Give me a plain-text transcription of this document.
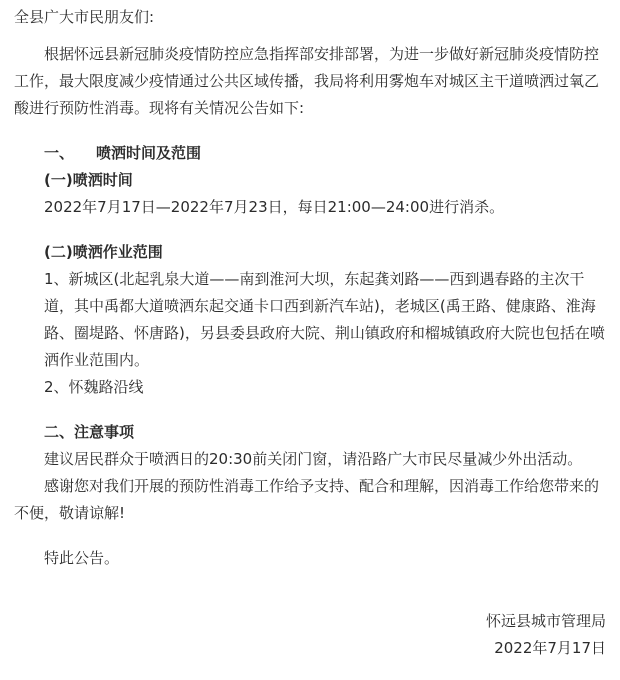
全县广大市民朋友们:

根据怀远县新冠肺炎疫情防控应急指挥部安排部署，为进一步做好新冠肺炎疫情防控工作，最大限度减少疫情通过公共区域传播，我局将利用雾炮车对城区主干道喷洒过氧乙酸进行预防性消毒。现将有关情况公告如下:

一、 喷洒时间及范围

(一)喷洒时间

2022年7月17日—2022年7月23日，每日21:00—24:00进行消杀。

(二)喷洒作业范围

1、新城区(北起乳泉大道——南到淮河大坝，东起龚刘路——西到遇春路的主次干道，其中禹都大道喷洒东起交通卡口西到新汽车站)，老城区(禹王路、健康路、淮海路、圈堤路、怀唐路)，另县委县政府大院、荆山镇政府和榴城镇政府大院也包括在喷洒作业范围内。

2、怀魏路沿线

二、注意事项

建议居民群众于喷洒日的20:30前关闭门窗，请沿路广大市民尽量减少外出活动。

感谢您对我们开展的预防性消毒工作给予支持、配合和理解，因消毒工作给您带来的不便，敬请谅解!

特此公告。

怀远县城市管理局

2022年7月17日
